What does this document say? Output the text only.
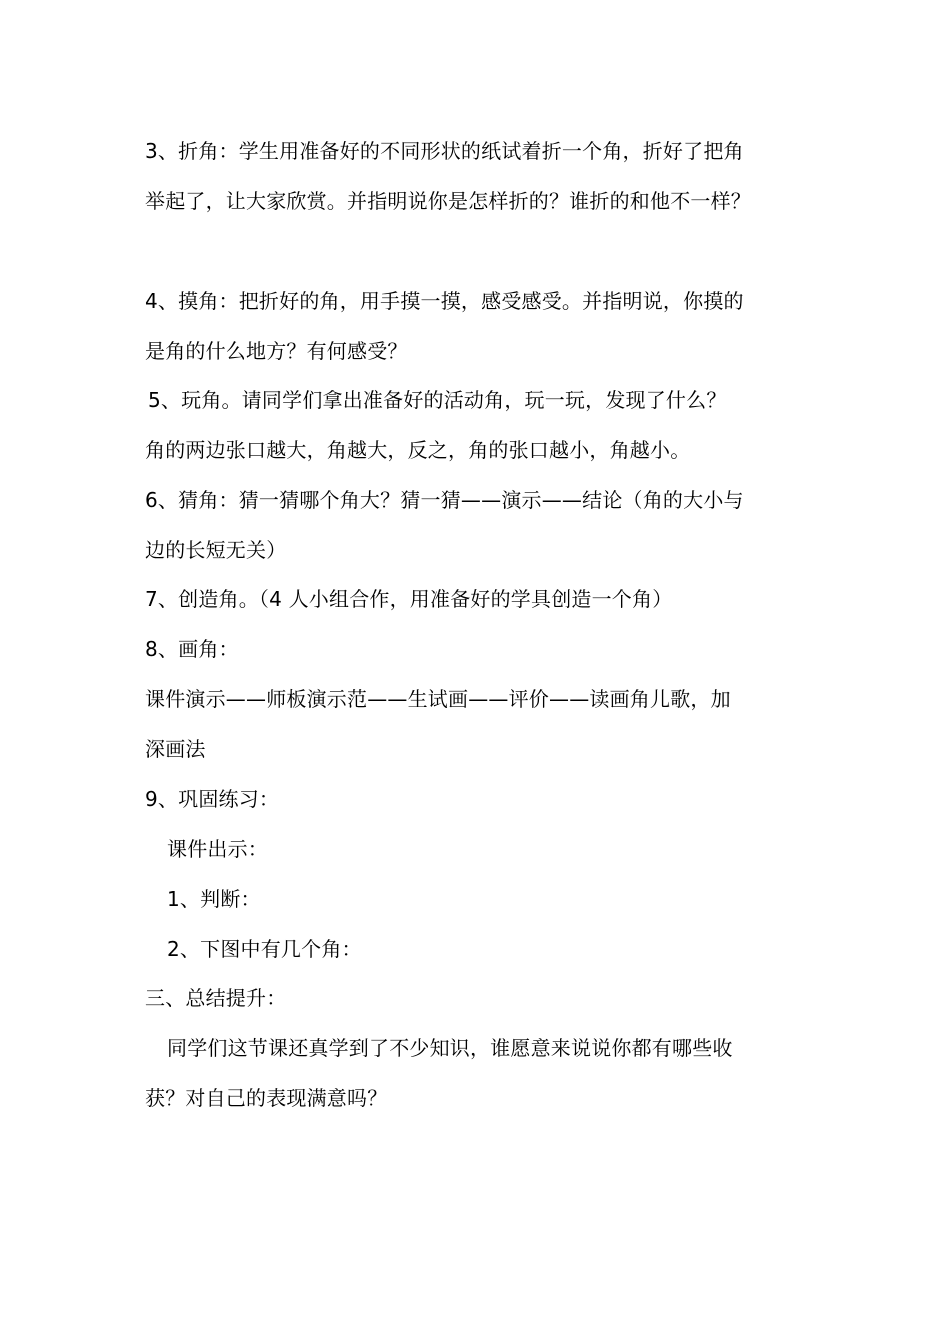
3、折角：学生用准备好的不同形状的纸试着折一个角，折好了把角
举起了，让大家欣赏。并指明说你是怎样折的？谁折的和他不一样？
4、摸角：把折好的角，用手摸一摸，感受感受。并指明说，你摸的
是角的什么地方？有何感受？
5、玩角。请同学们拿出准备好的活动角，玩一玩，发现了什么？
角的两边张口越大，角越大，反之，角的张口越小，角越小。
6、猜角：猜一猜哪个角大？猜一猜——演示——结论（角的大小与
边的长短无关）
7、创造角。（4 人小组合作，用准备好的学具创造一个角）
8、画角：
课件演示——师板演示范——生试画——评价——读画角儿歌，加
深画法
9、巩固练习：
课件出示：
1、判断：
2、下图中有几个角：
三、总结提升：
同学们这节课还真学到了不少知识，谁愿意来说说你都有哪些收
获？对自己的表现满意吗？
